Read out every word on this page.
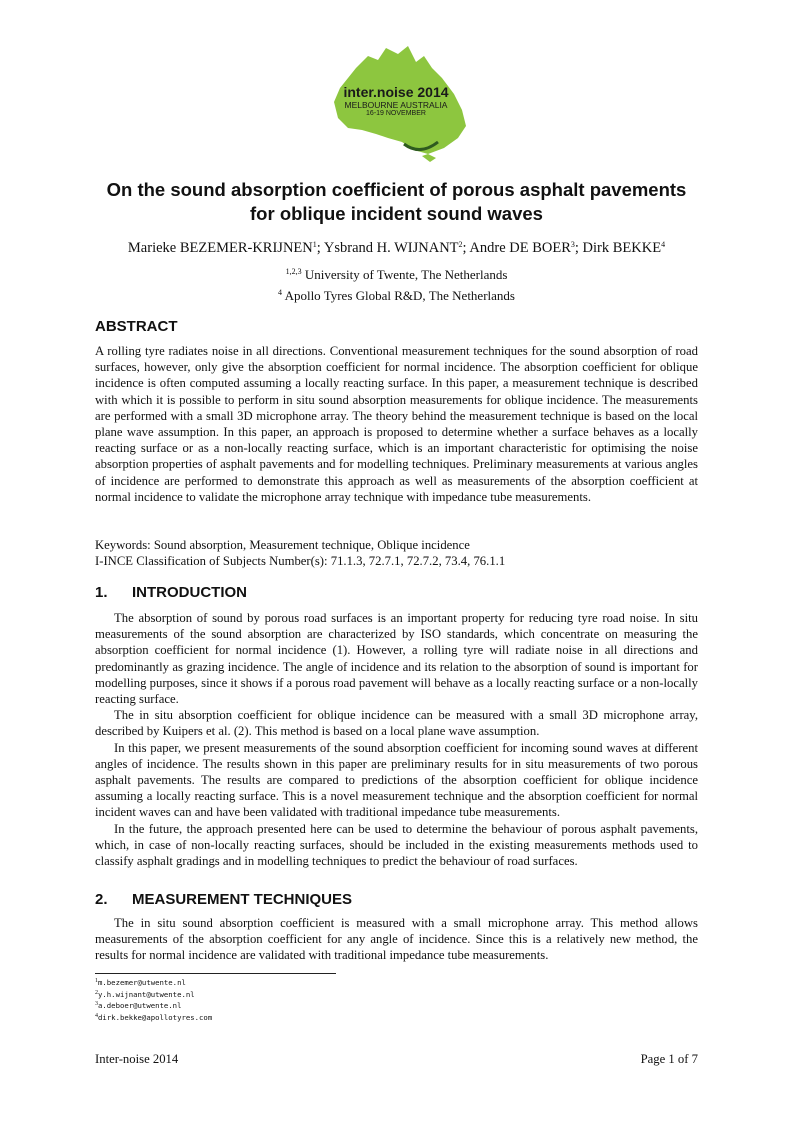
inter.noise 2014
MELBOURNE AUSTRALIA
16-19 NOVEMBER
On the sound absorption coefficient of porous asphalt pavements
for oblique incident sound waves
Marieke BEZEMER-KRIJNEN$^1$; Ysbrand H. WIJNANT$^2$; Andre DE BOER$^3$; Dirk BEKKE$^4$
$^{1,2,3}$ University of Twente, The Netherlands
$^4$ Apollo Tyres Global R&D, The Netherlands
ABSTRACT

A rolling tyre radiates noise in all directions. Conventional measurement techniques for the sound absorption of road surfaces, however, only give the absorption coefficient for normal incidence. The absorption coefficient for oblique incidence is often computed assuming a locally reacting surface. In this paper, a measurement technique is described with which it is possible to perform in situ sound absorption measurements for oblique incidence. The measurements are performed with a small 3D microphone array. The theory behind the measurement technique is based on the local plane wave assumption. In this paper, an approach is proposed to determine whether a surface behaves as a locally reacting surface or as a non-locally reacting surface, which is an important characteristic for optimising the noise absorption properties of asphalt pavements and for modelling techniques. Preliminary measurements at various angles of incidence are performed to demonstrate this approach as well as measurements of the absorption coefficient at normal incidence to validate the microphone array technique with impedance tube measurements.

Keywords: Sound absorption, Measurement technique, Oblique incidence

I-INCE Classification of Subjects Number(s): 71.1.3, 72.7.1, 72.7.2, 73.4, 76.1.1

1. INTRODUCTION

The absorption of sound by porous road surfaces is an important property for reducing tyre road noise. In situ measurements of the sound absorption are characterized by ISO standards, which concentrate on measuring the absorption coefficient for normal incidence (1). However, a rolling tyre will radiate noise in all directions and predominantly as grazing incidence. The angle of incidence and its relation to the absorption of sound is important for modelling purposes, since it shows if a porous road pavement will behave as a locally reacting surface or a non-locally reacting surface.

The in situ absorption coefficient for oblique incidence can be measured with a small 3D microphone array, described by Kuipers et al. (2). This method is based on a local plane wave assumption.

In this paper, we present measurements of the sound absorption coefficient for incoming sound waves at different angles of incidence. The results shown in this paper are preliminary results for in situ measurements of two porous asphalt pavements. The results are compared to predictions of the absorption coefficient for oblique incidence assuming a locally reacting surface. This is a novel measurement technique and the absorption coefficient for normal incident waves can and have been validated with traditional impedance tube measurements.

In the future, the approach presented here can be used to determine the behaviour of porous asphalt pavements, which, in case of non-locally reacting surfaces, should be included in the existing measurements methods used to classify asphalt gradings and in modelling techniques to predict the behaviour of road surfaces.

2. MEASUREMENT TECHNIQUES

The in situ sound absorption coefficient is measured with a small microphone array. This method allows measurements of the absorption coefficient for any angle of incidence. Since this is a relatively new method, the results for normal incidence are validated with traditional impedance tube measurements.

$^1$m.bezemer@utwente.nl
$^2$y.h.wijnant@utwente.nl
$^3$a.deboer@utwente.nl
$^4$dirk.bekke@apollotyres.com
Inter-noise 2014	Page 1 of 7
